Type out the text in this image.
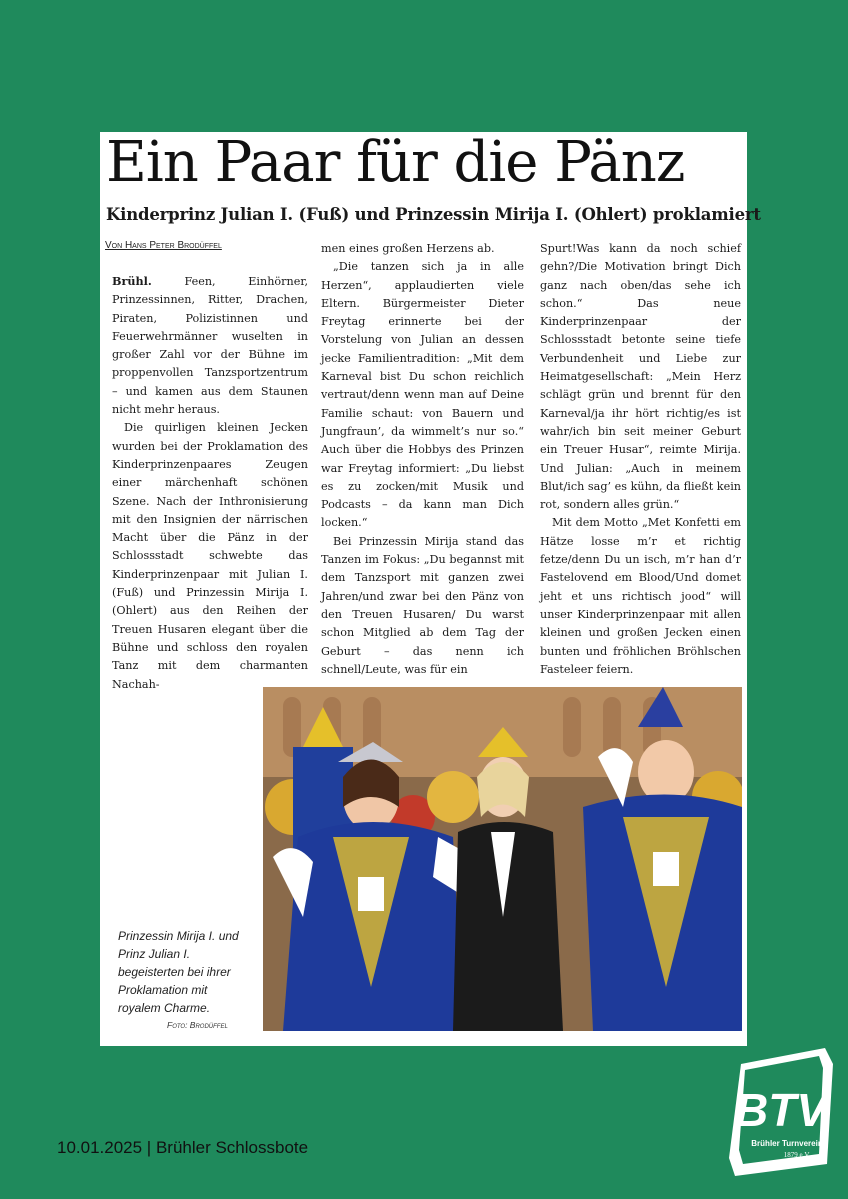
Ein Paar für die Pänz
Kinderprinz Julian I. (Fuß) und Prinzessin Mirija I. (Ohlert) proklamiert
Von Hans Peter Brodüffel

Brühl.	Feen, Einhörner, Prinzessinnen, Ritter, Drachen, Piraten, Polizistinnen und Feuerwehrmänner wuselten in großer Zahl vor der Bühne im proppenvollen Tanzsportzentrum – und kamen aus dem Staunen nicht mehr heraus.

Die quirligen kleinen Jecken wurden bei der Proklamation des Kinderprinzenpaares Zeugen einer märchenhaft schönen Szene. Nach der Inthronisierung mit den Insignien der närrischen Macht über die Pänz in der Schlossstadt schwebte das Kinderprinzenpaar mit Julian I. (Fuß) und Prinzessin Mirija I. (Ohlert) aus den Reihen der Treuen Husaren elegant über die Bühne und schloss den royalen Tanz mit dem charmanten Nachah-

men eines großen Herzens ab.

„Die tanzen sich ja in alle Herzen“, applaudierten viele Eltern. Bürgermeister Dieter Freytag erinnerte bei der Vorstelung von Julian an dessen jecke Familientradition: „Mit dem Karneval bist Du schon reichlich vertraut/denn wenn man auf Deine Familie schaut: von Bauern und Jungfraun’, da wimmelt’s nur so.“ Auch über die Hobbys des Prinzen war Freytag informiert: „Du liebst es zu zocken/mit Musik und Podcasts – da kann man Dich locken.“

Bei Prinzessin Mirija stand das Tanzen im Fokus: „Du begannst mit dem Tanzsport mit ganzen zwei Jahren/und zwar bei den Pänz von den Treuen Husaren/ Du warst schon Mitglied ab dem Tag der Geburt – das nenn ich schnell/Leute, was für ein

Spurt!Was kann da noch schief gehn?/Die Motivation bringt Dich ganz nach oben/das sehe ich schon.“ Das neue Kinderprinzenpaar der Schlossstadt betonte seine tiefe Verbundenheit und Liebe zur Heimatgesellschaft: „Mein Herz schlägt grün und brennt für den Karneval/ja ihr hört richtig/es ist wahr/ich bin seit meiner Geburt ein Treuer Husar“, reimte Mirija. Und Julian: „Auch in meinem Blut/ich sag’ es kühn, da fließt kein rot, sondern alles grün.“

Mit dem Motto „Met Konfetti em Hätze losse m’r et richtig fetze/denn Du un isch, m’r han d’r Fastelovend em Blood/Und domet jeht et uns richtisch jood“ will unser Kinderprinzenpaar mit allen kleinen und großen Jecken einen bunten und fröhlichen Bröhlschen Fasteleer feiern.

Prinzessin Mirija I. und Prinz Julian I. begeisterten bei ihrer Proklamation mit royalem Charme.
Foto: Brodüffel
10.01.2025 | Brühler Schlossbote
BTV
Brühler Turnverein
1879 e.V.
